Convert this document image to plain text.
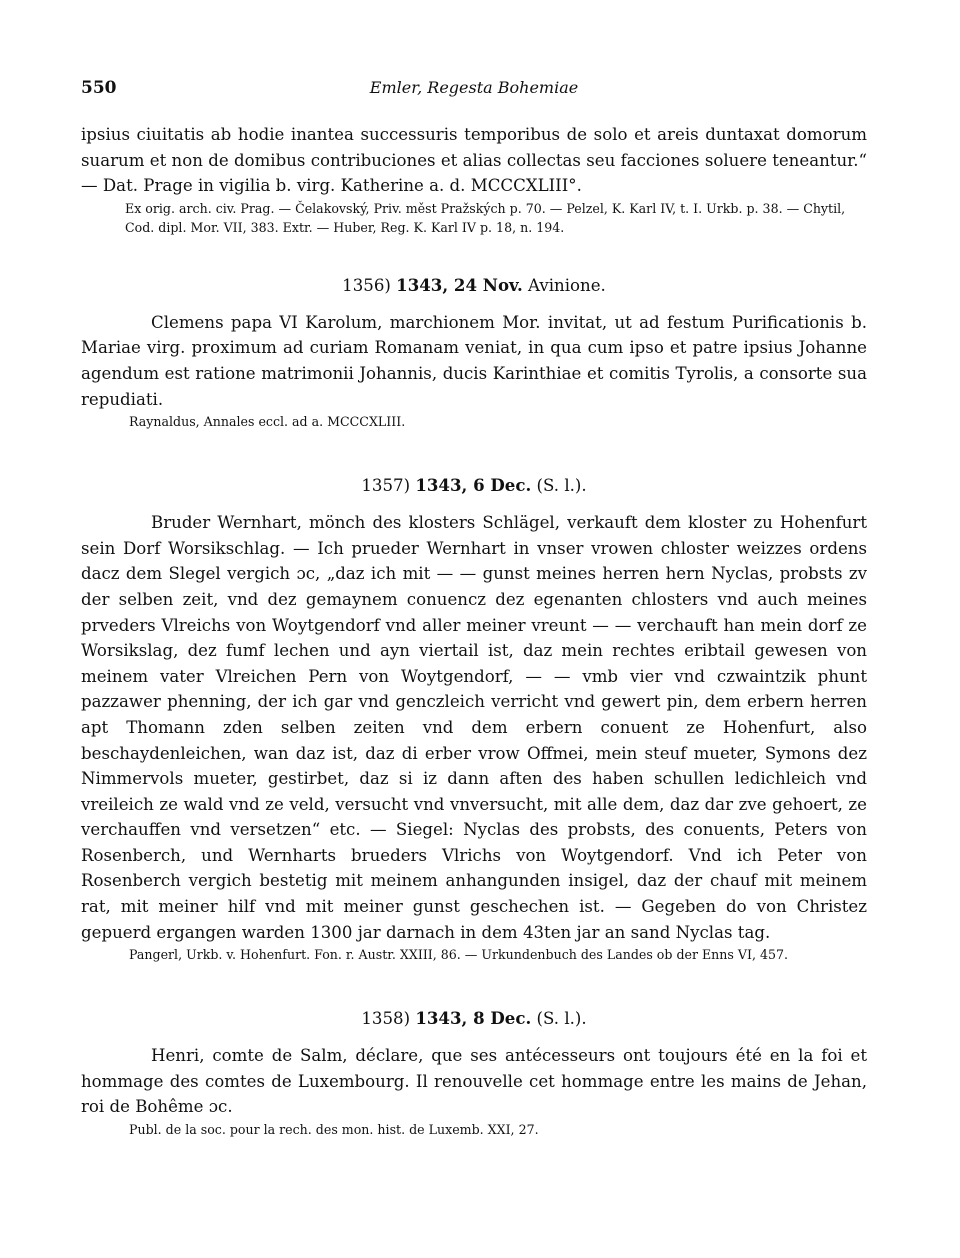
550	Emler, Regesta Bohemiae

ipsius ciuitatis ab hodie inantea successuris temporibus de solo et areis duntaxat domorum suarum et non de domibus contribuciones et alias collectas seu facciones soluere teneantur.“ — Dat. Prage in vigilia b. virg. Katherine a. d. MCCCXLIII°.

Ex orig. arch. civ. Prag. — Čelakovský, Priv. měst Pražských p. 70. — Pelzel, K. Karl IV, t. I. Urkb. p. 38. — Chytil, Cod. dipl. Mor. VII, 383. Extr. — Huber, Reg. K. Karl IV p. 18, n. 194.

1356) 1343, 24 Nov. Avinione.

Clemens papa VI Karolum, marchionem Mor. invitat, ut ad festum Purificationis b. Mariae virg. proximum ad curiam Romanam veniat, in qua cum ipso et patre ipsius Johanne agendum est ratione matrimonii Johannis, ducis Karinthiae et comitis Tyrolis, a consorte sua repudiati.

Raynaldus, Annales eccl. ad a. MCCCXLIII.

1357) 1343, 6 Dec. (S. l.).

Bruder Wernhart, mönch des klosters Schlägel, verkauft dem kloster zu Hohenfurt sein Dorf Worsikschlag. — Ich prueder Wernhart in vnser vrowen chloster weizzes ordens dacz dem Slegel vergich ɔc, „daz ich mit — — gunst meines herren hern Nyclas, probsts zv der selben zeit, vnd dez gemaynem conuencz dez egenanten chlosters vnd auch meines prveders Vlreichs von Woytgendorf vnd aller meiner vreunt — — verchauft han mein dorf ze Worsikslag, dez fumf lechen und ayn viertail ist, daz mein rechtes eribtail gewesen von meinem vater Vlreichen Pern von Woytgendorf, — — vmb vier vnd czwaintzik phunt pazzawer phenning, der ich gar vnd genczleich verricht vnd gewert pin, dem erbern herren apt Thomann zden selben zeiten vnd dem erbern conuent ze Hohenfurt, also beschaydenleichen, wan daz ist, daz di erber vrow Offmei, mein steuf mueter, Symons dez Nimmervols mueter, gestirbet, daz si iz dann aften des haben schullen ledichleich vnd vreileich ze wald vnd ze veld, versucht vnd vnversucht, mit alle dem, daz dar zve gehoert, ze verchauffen vnd versetzen“ etc. — Siegel: Nyclas des probsts, des conuents, Peters von Rosenberch, und Wernharts brueders Vlrichs von Woytgendorf. Vnd ich Peter von Rosenberch vergich bestetig mit meinem anhangunden insigel, daz der chauf mit meinem rat, mit meiner hilf vnd mit meiner gunst geschechen ist. — Gegeben do von Christez gepuerd ergangen warden 1300 jar darnach in dem 43ten jar an sand Nyclas tag.

Pangerl, Urkb. v. Hohenfurt. Fon. r. Austr. XXIII, 86. — Urkundenbuch des Landes ob der Enns VI, 457.

1358) 1343, 8 Dec. (S. l.).

Henri, comte de Salm, déclare, que ses antécesseurs ont toujours été en la foi et hommage des comtes de Luxembourg. Il renouvelle cet hommage entre les mains de Jehan, roi de Bohême ɔc.

Publ. de la soc. pour la rech. des mon. hist. de Luxemb. XXI, 27.
